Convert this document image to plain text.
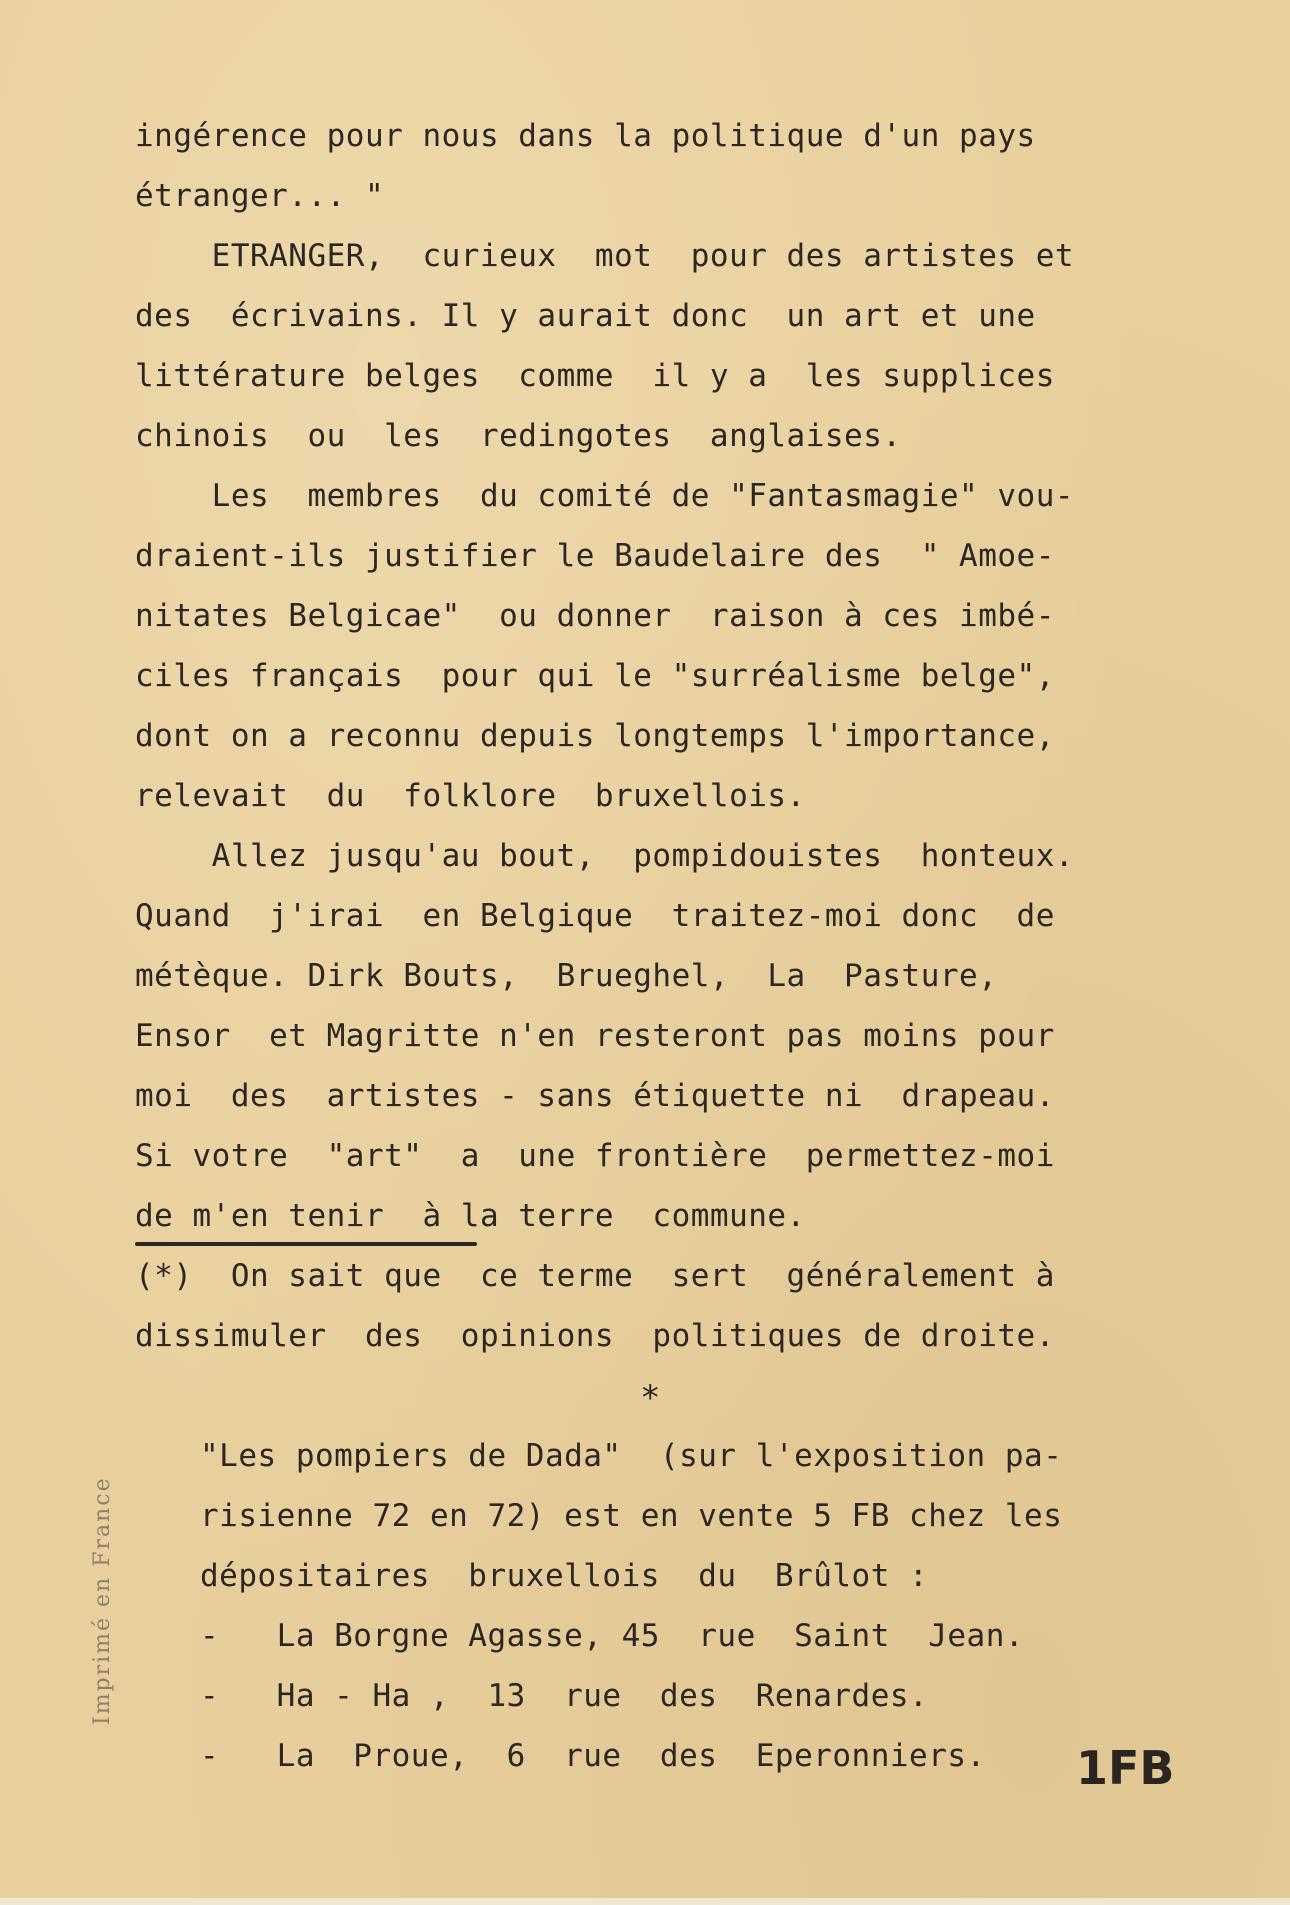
ingérence pour nous dans la politique d'un pays
étranger... "
ETRANGER,  curieux  mot  pour des artistes et
des  écrivains. Il y aurait donc  un art et une
littérature belges  comme  il y a  les supplices
chinois  ou  les  redingotes  anglaises.
Les  membres  du comité de "Fantasmagie" vou-
draient-ils justifier le Baudelaire des  " Amoe-
nitates Belgicae"  ou donner  raison à ces imbé-
ciles français  pour qui le "surréalisme belge",
dont on a reconnu depuis longtemps l'importance,
relevait  du  folklore  bruxellois.
Allez jusqu'au bout,  pompidouistes  honteux.
Quand  j'irai  en Belgique  traitez-moi donc  de
métèque. Dirk Bouts,  Brueghel,  La  Pasture,
Ensor  et Magritte n'en resteront pas moins pour
moi  des  artistes - sans étiquette ni  drapeau.
Si votre  "art"  a  une frontière  permettez-moi
de m'en tenir  à la terre  commune.
(*)  On sait que  ce terme  sert  généralement à
dissimuler  des  opinions  politiques de droite.
"Les pompiers de Dada"  (sur l'exposition pa-
risienne 72 en 72) est en vente 5 FB chez les
dépositaires  bruxellois  du  Brûlot :
-   La Borgne Agasse, 45  rue  Saint  Jean.
-   Ha - Ha ,  13  rue  des  Renardes.
-   La  Proue,  6  rue  des  Eperonniers.
*
1FB
Imprimé en France
